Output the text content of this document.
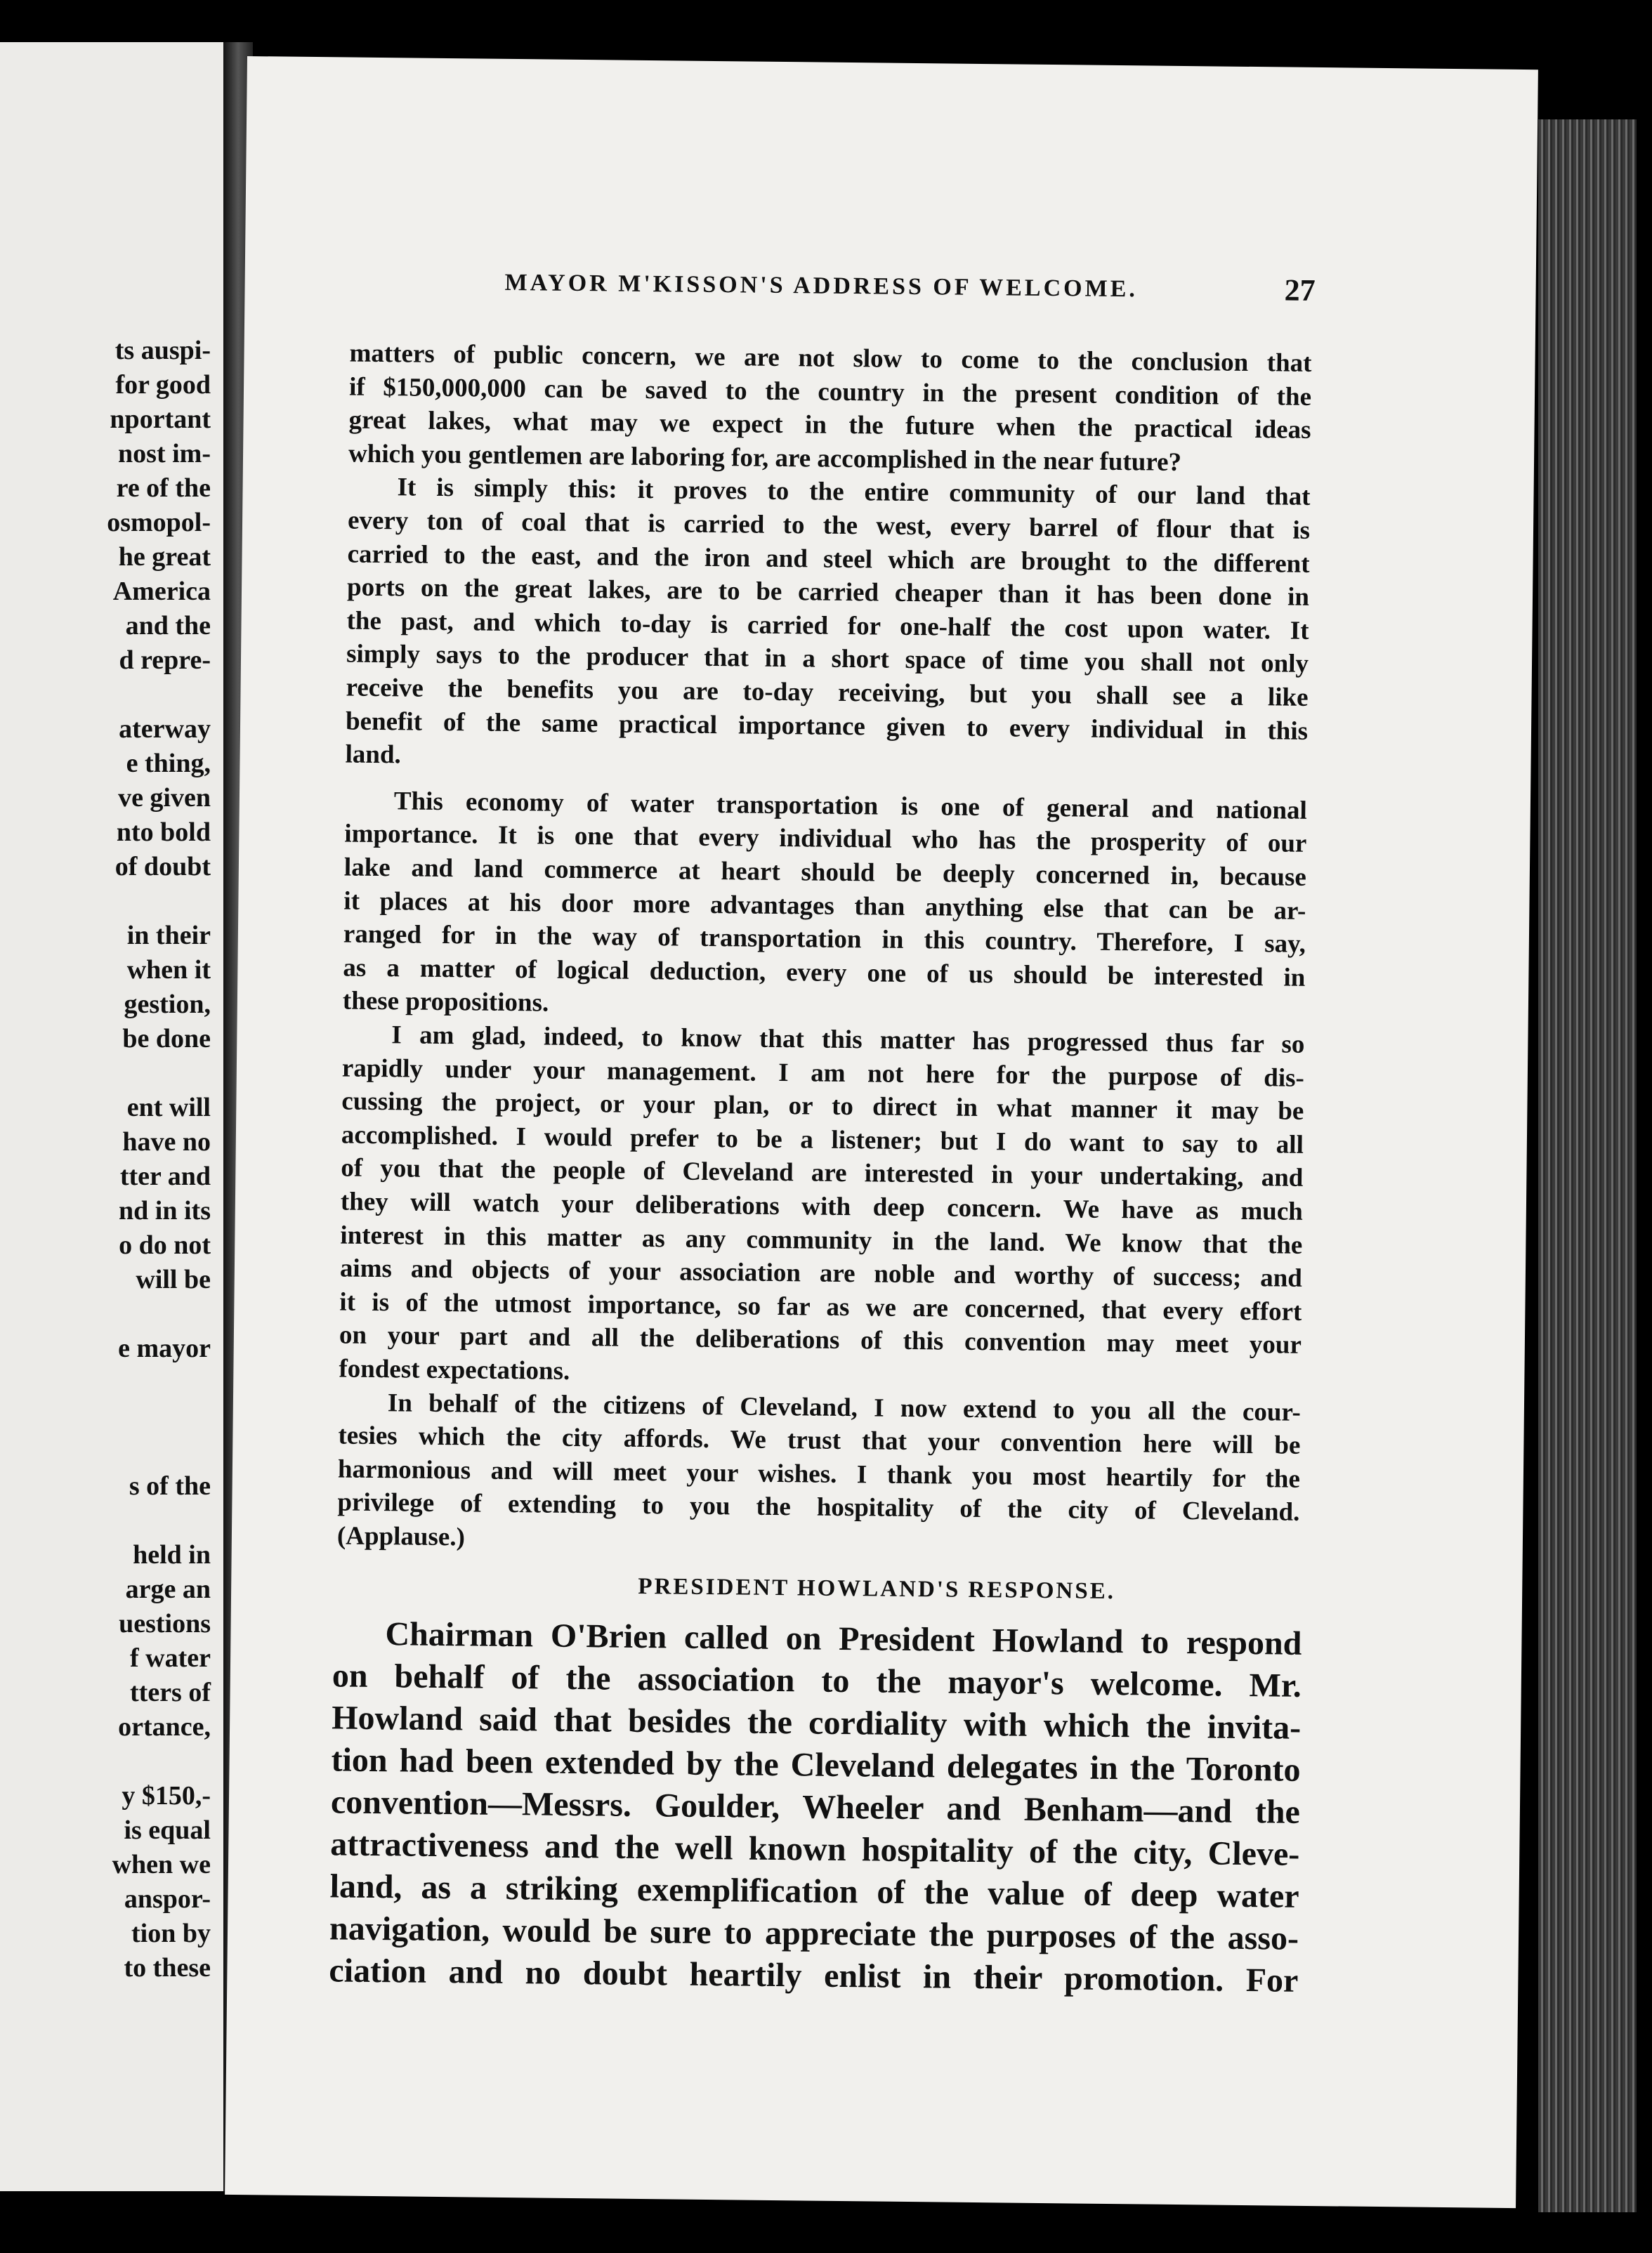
ts auspi-
for good
nportant
nost im-
re of the
osmopol-
he great
America
and the
d repre-
aterway
e thing,
ve given
nto bold
of doubt
in their
when it
gestion,
be done
ent will
have no
tter and
nd in its
o do not
will be
e mayor
s of the
held in
arge an
uestions
f water
tters of
ortance,
y $150,-
is equal
when we
anspor-
tion by
to these
MAYOR M'KISSON'S ADDRESS OF WELCOME.	27
PRESIDENT HOWLAND'S RESPONSE.
matters of public concern, we are not slow to come to the conclusion that
if $150,000,000 can be saved to the country in the present condition of the
great lakes, what may we expect in the future when the practical ideas
which you gentlemen are laboring for, are accomplished in the near future?
It is simply this: it proves to the entire community of our land that
every ton of coal that is carried to the west, every barrel of flour that is
carried to the east, and the iron and steel which are brought to the different
ports on the great lakes, are to be carried cheaper than it has been done in
the past, and which to-day is carried for one-half the cost upon water. It
simply says to the producer that in a short space of time you shall not only
receive the benefits you are to-day receiving, but you shall see a like
benefit of the same practical importance given to every individual in this
land.
This economy of water transportation is one of general and national
importance. It is one that every individual who has the prosperity of our
lake and land commerce at heart should be deeply concerned in, because
it places at his door more advantages than anything else that can be ar-
ranged for in the way of transportation in this country. Therefore, I say,
as a matter of logical deduction, every one of us should be interested in
these propositions.
I am glad, indeed, to know that this matter has progressed thus far so
rapidly under your management. I am not here for the purpose of dis-
cussing the project, or your plan, or to direct in what manner it may be
accomplished. I would prefer to be a listener; but I do want to say to all
of you that the people of Cleveland are interested in your undertaking, and
they will watch your deliberations with deep concern. We have as much
interest in this matter as any community in the land. We know that the
aims and objects of your association are noble and worthy of success; and
it is of the utmost importance, so far as we are concerned, that every effort
on your part and all the deliberations of this convention may meet your
fondest expectations.
In behalf of the citizens of Cleveland, I now extend to you all the cour-
tesies which the city affords. We trust that your convention here will be
harmonious and will meet your wishes. I thank you most heartily for the
privilege of extending to you the hospitality of the city of Cleveland.
(Applause.)
Chairman O'Brien called on President Howland to respond
on behalf of the association to the mayor's welcome. Mr.
Howland said that besides the cordiality with which the invita-
tion had been extended by the Cleveland delegates in the Toronto
convention—Messrs. Goulder, Wheeler and Benham—and the
attractiveness and the well known hospitality of the city, Cleve-
land, as a striking exemplification of the value of deep water
navigation, would be sure to appreciate the purposes of the asso-
ciation and no doubt heartily enlist in their promotion. For
